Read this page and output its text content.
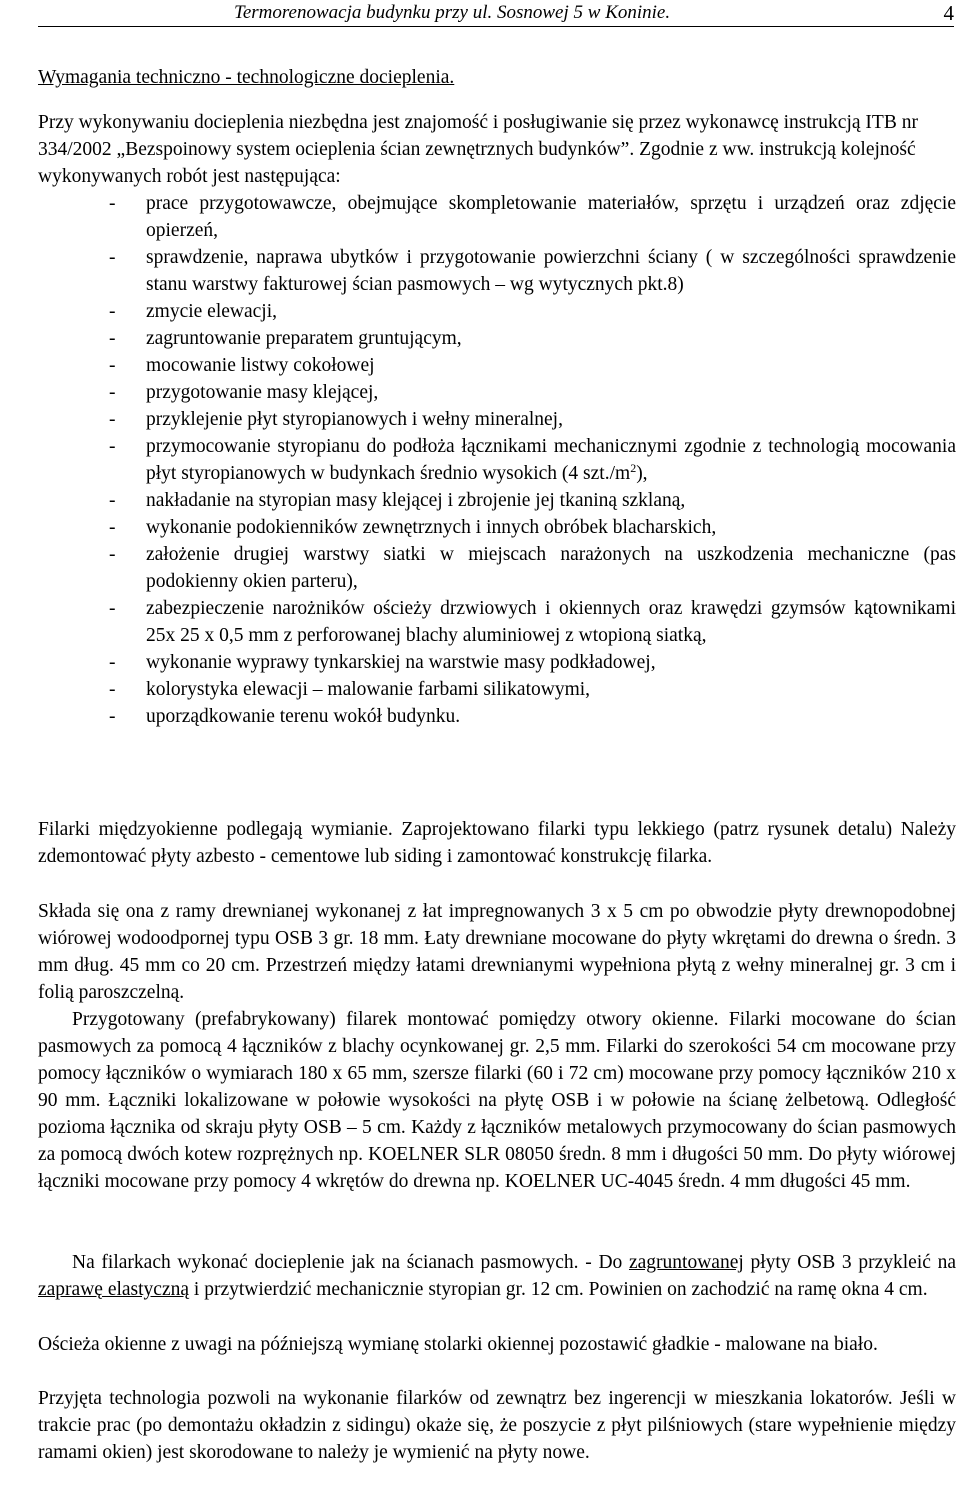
Termorenowacja budynku przy ul. Sosnowej 5 w Koninie.	4
Wymagania techniczno - technologiczne docieplenia.
Przy wykonywaniu docieplenia niezbędna jest znajomość i posługiwanie się przez wykonawcę instrukcją ITB nr 334/2002 „Bezspoinowy system ocieplenia ścian zewnętrznych budynków”. Zgodnie z ww. instrukcją kolejność wykonywanych robót jest następująca:
- prace przygotowawcze, obejmujące skompletowanie materiałów, sprzętu i urządzeń oraz zdjęcie opierzeń,
- sprawdzenie, naprawa ubytków i przygotowanie powierzchni ściany ( w szczególności sprawdzenie stanu warstwy fakturowej ścian pasmowych – wg wytycznych pkt.8)
- zmycie elewacji,
- zagruntowanie preparatem gruntującym,
- mocowanie listwy cokołowej
- przygotowanie masy klejącej,
- przyklejenie płyt styropianowych i wełny mineralnej,
- przymocowanie styropianu do podłoża łącznikami mechanicznymi zgodnie z technologią mocowania płyt styropianowych w budynkach średnio wysokich (4 $szt./m^2$),
- nakładanie na styropian masy klejącej i zbrojenie jej tkaniną szklaną,
- wykonanie podokienników zewnętrznych i innych obróbek blacharskich,
- założenie drugiej warstwy siatki w miejscach narażonych na uszkodzenia mechaniczne (pas podokienny okien parteru),
- zabezpieczenie narożników ościeży drzwiowych i okiennych oraz krawędzi gzymsów kątownikami 25x 25 x 0,5 mm z perforowanej blachy aluminiowej z wtopioną siatką,
- wykonanie wyprawy tynkarskiej na warstwie masy podkładowej,
- kolorystyka elewacji – malowanie farbami silikatowymi,
- uporządkowanie terenu wokół budynku.
Filarki międzyokienne podlegają wymianie. Zaprojektowano filarki typu lekkiego (patrz rysunek detalu) Należy zdemontować płyty azbesto - cementowe lub siding i zamontować konstrukcję filarka.
Składa się ona z ramy drewnianej wykonanej z łat impregnowanych 3 x 5 cm po obwodzie płyty drewnopodobnej wiórowej wodoodpornej typu OSB 3 gr. 18 mm. Łaty drewniane mocowane do płyty wkrętami do drewna o średn. 3 mm dług. 45 mm co 20 cm. Przestrzeń między łatami drewnianymi wypełniona płytą z wełny mineralnej gr. 3 cm i folią paroszczelną.
Przygotowany (prefabrykowany) filarek montować pomiędzy otwory okienne. Filarki mocowane do ścian pasmowych za pomocą 4 łączników z blachy ocynkowanej gr. 2,5 mm. Filarki do szerokości 54 cm mocowane przy pomocy łączników o wymiarach 180 x 65 mm, szersze filarki (60 i 72 cm) mocowane przy pomocy łączników 210 x 90 mm. Łączniki lokalizowane w połowie wysokości na płytę OSB i w połowie na ścianę żelbetową. Odległość pozioma łącznika od skraju płyty OSB – 5 cm. Każdy z łączników metalowych przymocowany do ścian pasmowych za pomocą dwóch kotew rozprężnych np. KOELNER SLR 08050 średn. 8 mm i długości 50 mm. Do płyty wiórowej łączniki mocowane przy pomocy 4 wkrętów do drewna np. KOELNER UC-4045 średn. 4 mm długości 45 mm.
Na filarkach wykonać docieplenie jak na ścianach pasmowych. - Do zagruntowanej płyty OSB 3 przykleić na zaprawę elastyczną i przytwierdzić mechanicznie styropian gr. 12 cm. Powinien on zachodzić na ramę okna 4 cm.
Ościeża okienne z uwagi na późniejszą wymianę stolarki okiennej pozostawić gładkie - malowane na biało.
Przyjęta technologia pozwoli na wykonanie filarków od zewnątrz bez ingerencji w mieszkania lokatorów. Jeśli w trakcie prac (po demontażu okładzin z sidingu) okaże się, że poszycie z płyt pilśniowych (stare wypełnienie między ramami okien) jest skorodowane to należy je wymienić na płyty nowe.
